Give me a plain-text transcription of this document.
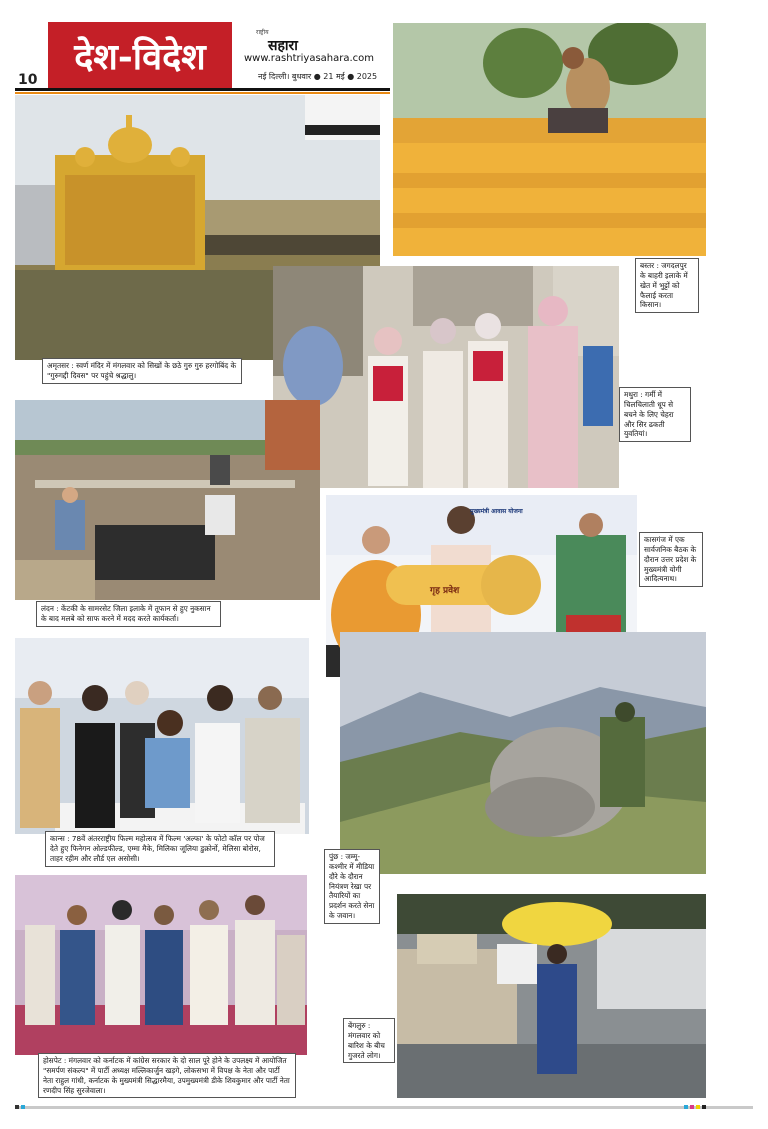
10
देश-विदेश
राष्ट्रीय
सहारा
www.rashtriyasahara.com
नई दिल्ली। बुधवार ● 21 मई ● 2025
अमृतसर : स्वर्ण मंदिर में मंगलवार को सिखों के छठे गुरु गुरु हरगोबिंद के "गुरुगद्दी दिवस" पर पहुंचे श्रद्धालु।
बस्तर : जगदलपुर के बाहरी इलाके में खेत में भुट्टों को फैलाई करता किसान।
मथुरा : गर्मी में चिलचिलाती धूप से बचने के लिए चेहरा और सिर ढकती युवतियां।
लंदन : केंटकी के सामरसेट जिला इलाके में तूफान से हुए नुकसान के बाद मलबे को साफ करने में मदद करते कार्यकर्ता।
गृह प्रवेश
मुख्यमंत्री आवास योजना
कासगंज में एक सार्वजनिक बैठक के दौरान उत्तर प्रदेश के मुख्यमंत्री योगी आदित्यनाथ।
कान्स : 78वें अंतरराष्ट्रीय फिल्म महोत्सव में फिल्म 'अल्फा' के फोटो कॉल पर पोज देते हुए फिनेगन ओल्डफील्ड, एम्मा मैके, मिलिका जूलिया डुक्रोर्नो, मेलिसा बोरोस, ताहर रहीम और लौर्ड एल असोसी।	पुंछ : जम्मू-कश्मीर में मीडिया दौरे के दौरान नियंत्रण रेखा पर तैयारियों का प्रदर्शन करते सेना के जवान।
होसपेट : मंगलवार को कर्नाटक में कांग्रेस सरकार के दो साल पूरे होने के उपलक्ष्य में आयोजित "समर्पण संकल्प" में पार्टी अध्यक्ष मल्लिकार्जुन खड़गे, लोकसभा में विपक्ष के नेता और पार्टी नेता राहुल गांधी, कर्नाटक के मुख्यमंत्री सिद्धारमैया, उपमुख्यमंत्री डीके शिवकुमार और पार्टी नेता रणदीप सिंह सुरजेवाला।
बेंगलुरु : मंगलवार को बारिश के बीच गुजरते लोग।
